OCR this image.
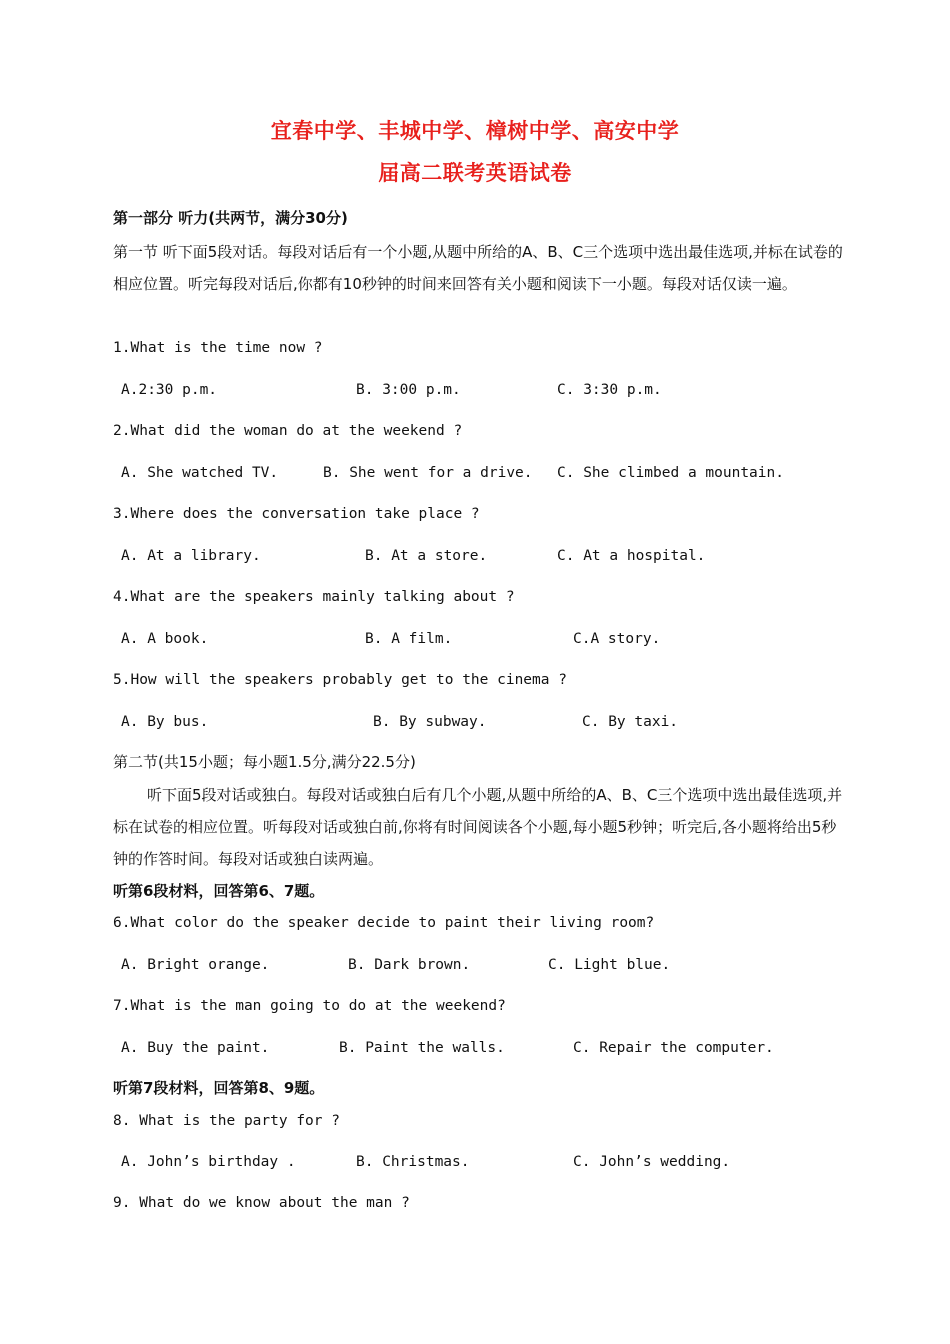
宜春中学、丰城中学、樟树中学、高安中学
届高二联考英语试卷
第一部分 听力(共两节，满分30分)
第一节 听下面5段对话。每段对话后有一个小题,从题中所给的A、B、C三个选项中选出最佳选项,并标在试卷的相应位置。听完每段对话后,你都有10秒钟的时间来回答有关小题和阅读下一小题。每段对话仅读一遍。
1.What is the time now ?
A.2:30 p.m.	B. 3:00 p.m.	C. 3:30 p.m.
2.What did the woman do at the weekend ?
A. She watched TV.	B. She went for a drive. C. She climbed a mountain.
3.Where does the conversation take place ?
A. At a library.	B. At a store.	C. At a hospital.
4.What are the speakers mainly talking about ?
A. A book.	B. A film.	C.A story.
5.How will the speakers probably get to the cinema ?
A. By bus.	B. By subway.	C. By taxi.
第二节(共15小题；每小题1.5分,满分22.5分)
听下面5段对话或独白。每段对话或独白后有几个小题,从题中所给的A、B、C三个选项中选出最佳选项,并标在试卷的相应位置。听每段对话或独白前,你将有时间阅读各个小题,每小题5秒钟；听完后,各小题将给出5秒钟的作答时间。每段对话或独白读两遍。
听第6段材料，回答第6、7题。
6.What color do the speaker decide to paint their living room?
A. Bright orange.	B. Dark brown.	C. Light blue.
7.What is the man going to do at the weekend?
A. Buy the paint.	B. Paint the walls.	C. Repair the computer.
听第7段材料，回答第8、9题。
8. What is the party for ?
A. John’s birthday .	B. Christmas.	C. John’s wedding.
9. What do we know about the man ?
